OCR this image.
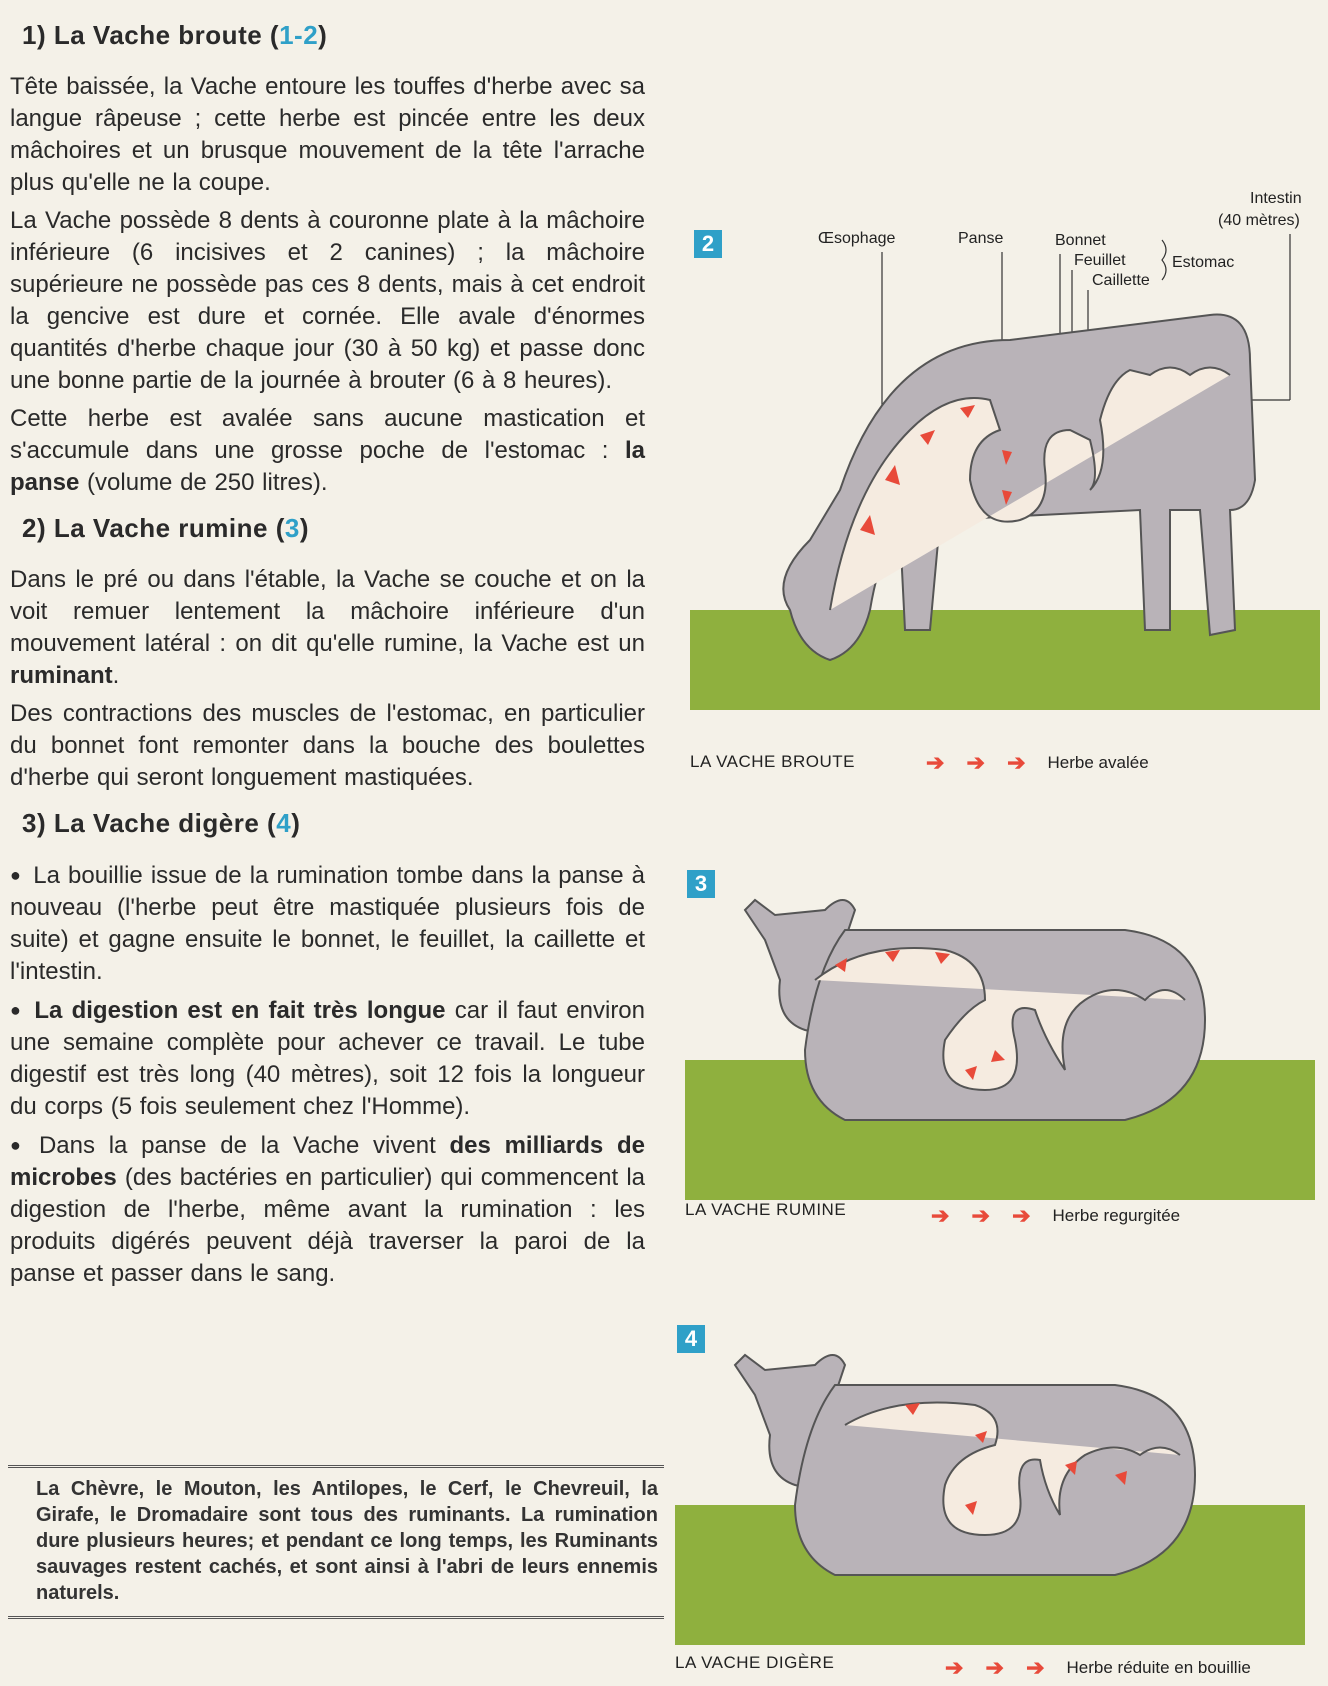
1) La Vache broute (1-2)

Tête baissée, la Vache entoure les touffes d'herbe avec sa langue râpeuse ; cette herbe est pincée entre les deux mâchoires et un brusque mouvement de la tête l'arrache plus qu'elle ne la coupe.

La Vache possède 8 dents à couronne plate à la mâchoire inférieure (6 incisives et 2 canines) ; la mâchoire supérieure ne possède pas ces 8 dents, mais à cet endroit la gencive est dure et cornée. Elle avale d'énormes quantités d'herbe chaque jour (30 à 50 kg) et passe donc une bonne partie de la journée à brouter (6 à 8 heures).

Cette herbe est avalée sans aucune mastication et s'accumule dans une grosse poche de l'estomac : la panse (volume de 250 litres).

2) La Vache rumine (3)

Dans le pré ou dans l'étable, la Vache se couche et on la voit remuer lentement la mâchoire inférieure d'un mouvement latéral : on dit qu'elle rumine, la Vache est un ruminant.

Des contractions des muscles de l'estomac, en particulier du bonnet font remonter dans la bouche des boulettes d'herbe qui seront longuement mastiquées.

3) La Vache digère (4)

● La bouillie issue de la rumination tombe dans la panse à nouveau (l'herbe peut être mastiquée plusieurs fois de suite) et gagne ensuite le bonnet, le feuillet, la caillette et l'intestin.

● La digestion est en fait très longue car il faut environ une semaine complète pour achever ce travail. Le tube digestif est très long (40 mètres), soit 12 fois la longueur du corps (5 fois seulement chez l'Homme).

● Dans la panse de la Vache vivent des milliards de microbes (des bactéries en particulier) qui commencent la digestion de l'herbe, même avant la rumination : les produits digérés peuvent déjà traverser la paroi de la panse et passer dans le sang.

La Chèvre, le Mouton, les Antilopes, le Cerf, le Chevreuil, la Girafe, le Dromadaire sont tous des ruminants. La rumination dure plusieurs heures; et pendant ce long temps, les Ruminants sauvages restent cachés, et sont ainsi à l'abri de leurs ennemis naturels.
2	Œsophage	Panse	Bonnet
Feuillet
Caillette
Estomac
Intestin
(40 mètres)
LA VACHE BROUTE	➔ ➔ ➔ Herbe avalée
3
LA VACHE RUMINE	➔ ➔ ➔ Herbe regurgitée
4
LA VACHE DIGÈRE	➔ ➔ ➔ Herbe réduite en bouillie
